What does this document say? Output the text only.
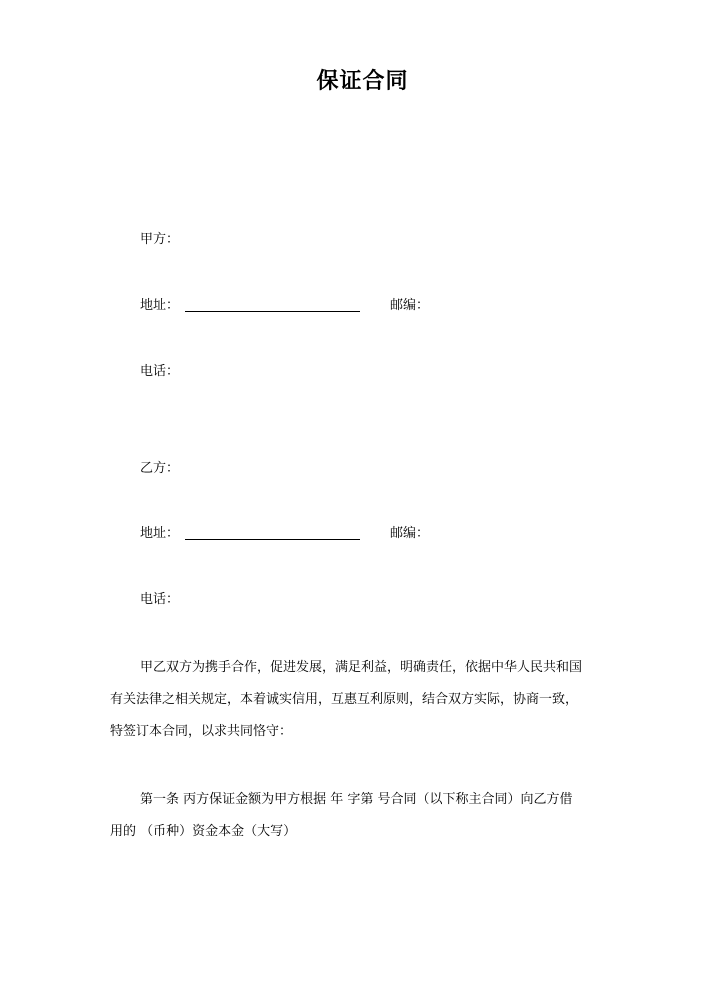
保证合同
甲方：
地址：	邮编：
电话：
乙方：
地址：	邮编：
电话：
甲乙双方为携手合作，促进发展，满足利益，明确责任，依据中华人民共和国
有关法律之相关规定，本着诚实信用，互惠互利原则，结合双方实际，协商一致，
特签订本合同，以求共同恪守：
第一条 丙方保证金额为甲方根据 年 字第 号合同（以下称主合同）向乙方借
用的 （币种）资金本金（大写）
